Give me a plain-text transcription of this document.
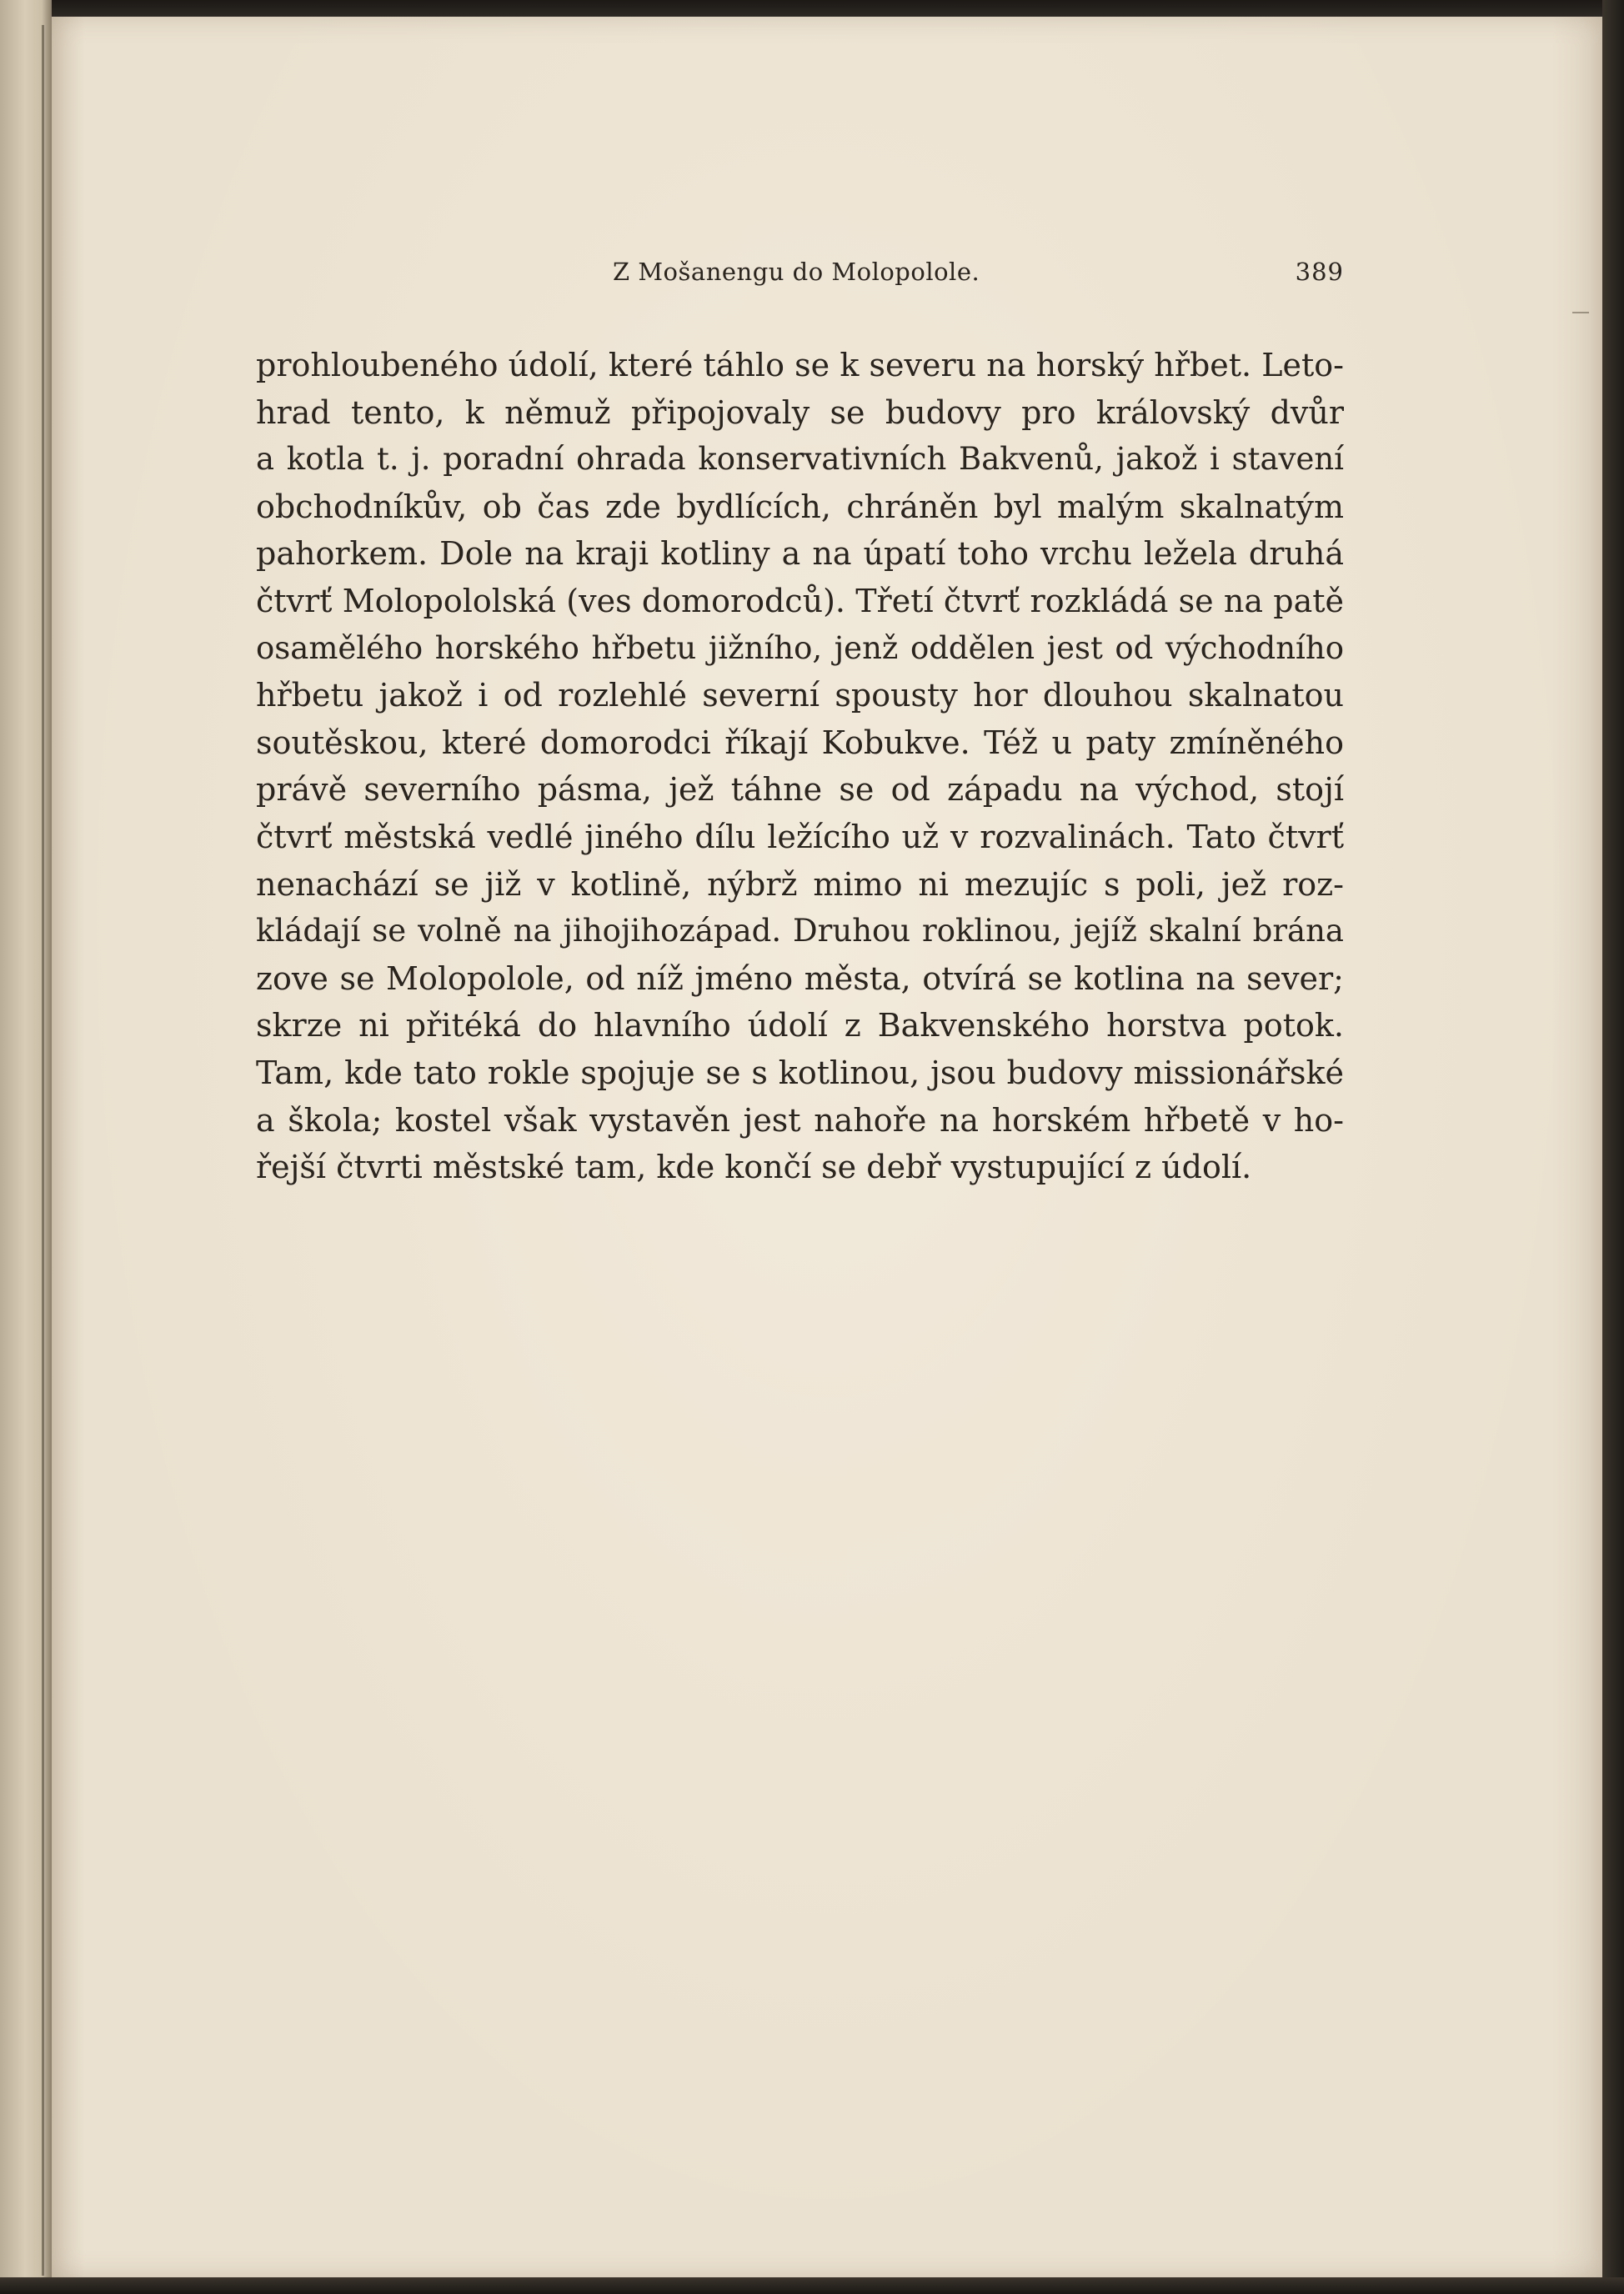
Z Mošanengu do Molopolole.	389
prohloubeného údolí, které táhlo se k severu na horský hřbet. Leto-
hrad tento, k němuž připojovaly se budovy pro královský dvůr
a kotla t. j. poradní ohrada konservativních Bakvenů, jakož i stavení
obchodníkův, ob čas zde bydlících, chráněn byl malým skalnatým
pahorkem. Dole na kraji kotliny a na úpatí toho vrchu ležela druhá
čtvrť Molopololská (ves domorodců). Třetí čtvrť rozkládá se na patě
osamělého horského hřbetu jižního, jenž oddělen jest od východního
hřbetu jakož i od rozlehlé severní spousty hor dlouhou skalnatou
soutěskou, které domorodci říkají Kobukve. Též u paty zmíněného
právě severního pásma, jež táhne se od západu na východ, stojí
čtvrť městská vedlé jiného dílu ležícího už v rozvalinách. Tato čtvrť
nenachází se již v kotlině, nýbrž mimo ni mezujíc s poli, jež roz-
kládají se volně na jihojihozápad. Druhou roklinou, jejíž skalní brána
zove se Molopolole, od níž jméno města, otvírá se kotlina na sever;
skrze ni přitéká do hlavního údolí z Bakvenského horstva potok.
Tam, kde tato rokle spojuje se s kotlinou, jsou budovy missionářské
a škola; kostel však vystavěn jest nahoře na horském hřbetě v ho-
řejší čtvrti městské tam, kde končí se debř vystupující z údolí.
